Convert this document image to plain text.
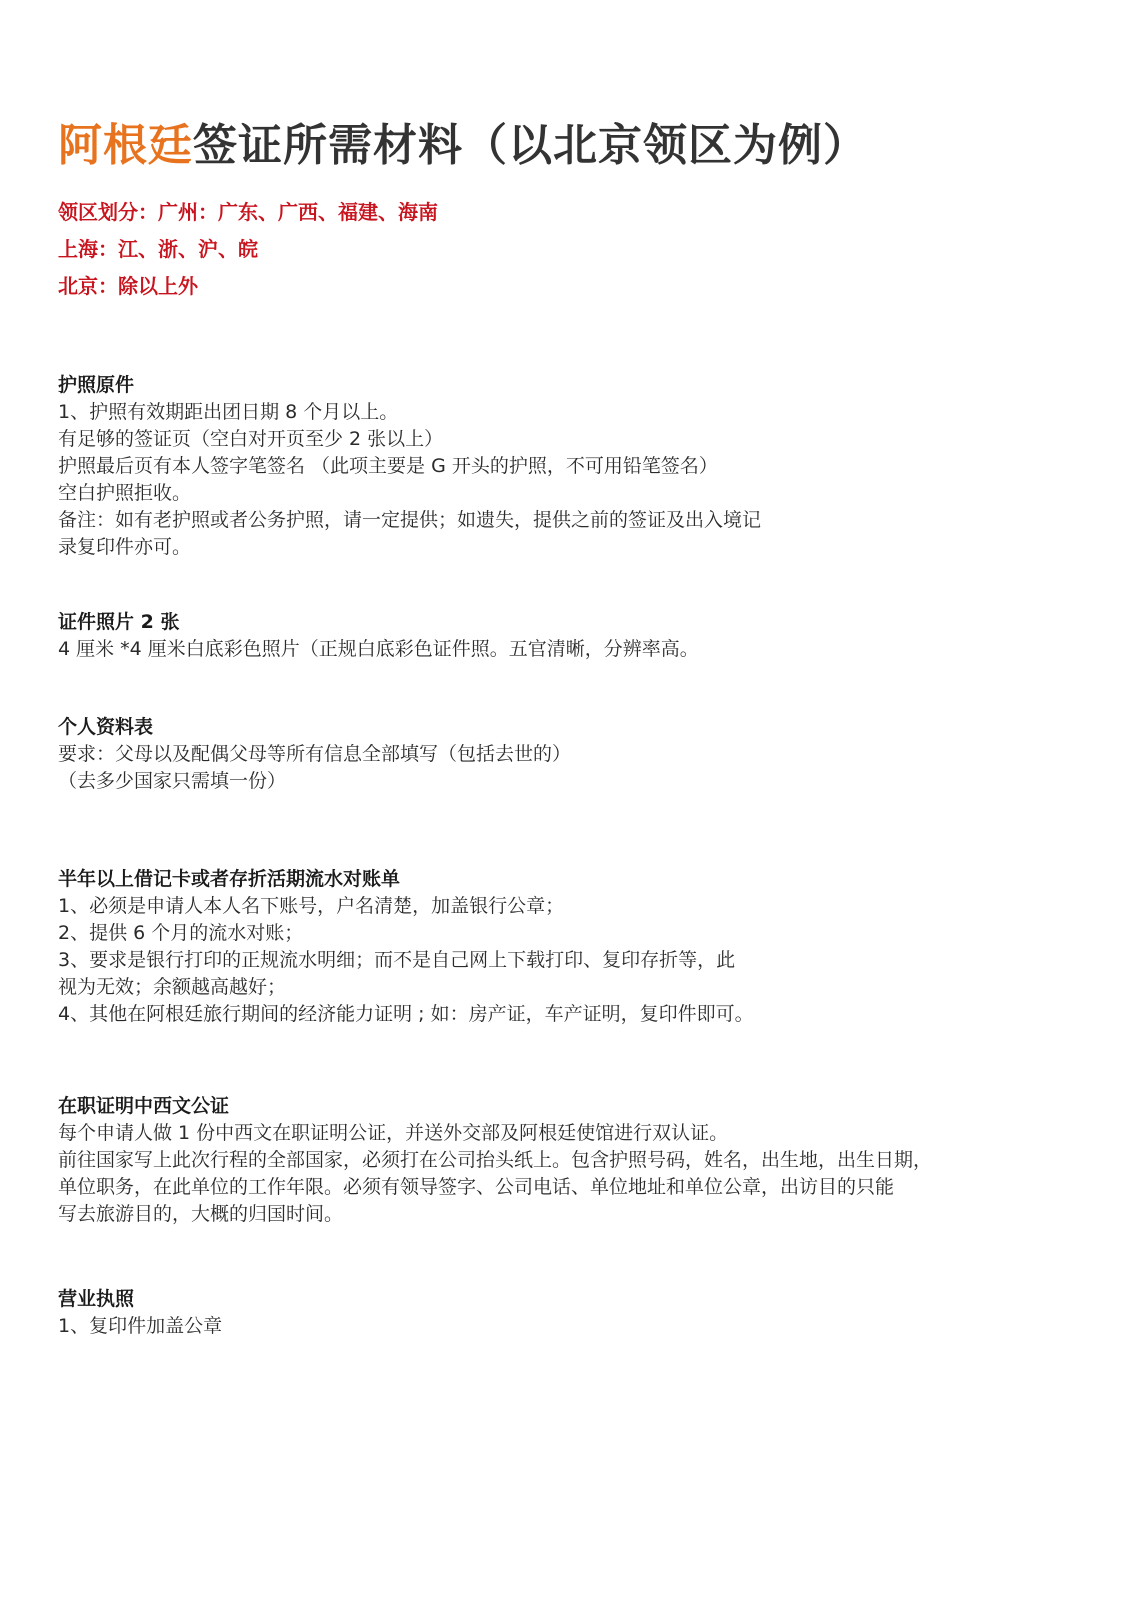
阿根廷签证所需材料（以北京领区为例）
领区划分：广州：广东、广西、福建、海南
上海：江、浙、沪、皖
北京：除以上外
护照原件

1、护照有效期距出团日期 8 个月以上。

有足够的签证页（空白对开页至少 2 张以上）

护照最后页有本人签字笔签名 （此项主要是 G 开头的护照，不可用铅笔签名）

空白护照拒收。

备注：如有老护照或者公务护照，请一定提供；如遗失，提供之前的签证及出入境记

录复印件亦可。

证件照片 2 张

4 厘米 *4 厘米白底彩色照片（正规白底彩色证件照。五官清晰，分辨率高。

个人资料表

要求：父母以及配偶父母等所有信息全部填写（包括去世的）

（去多少国家只需填一份）

半年以上借记卡或者存折活期流水对账单

1、必须是申请人本人名下账号，户名清楚，加盖银行公章；

2、提供 6 个月的流水对账；

3、要求是银行打印的正规流水明细；而不是自己网上下载打印、复印存折等，此

视为无效；余额越高越好；

4、其他在阿根廷旅行期间的经济能力证明 ; 如：房产证，车产证明，复印件即可。

在职证明中西文公证

每个申请人做 1 份中西文在职证明公证，并送外交部及阿根廷使馆进行双认证。

前往国家写上此次行程的全部国家，必须打在公司抬头纸上。包含护照号码，姓名，出生地，出生日期，

单位职务，在此单位的工作年限。必须有领导签字、公司电话、单位地址和单位公章，出访目的只能

写去旅游目的，大概的归国时间。

营业执照

1、复印件加盖公章
